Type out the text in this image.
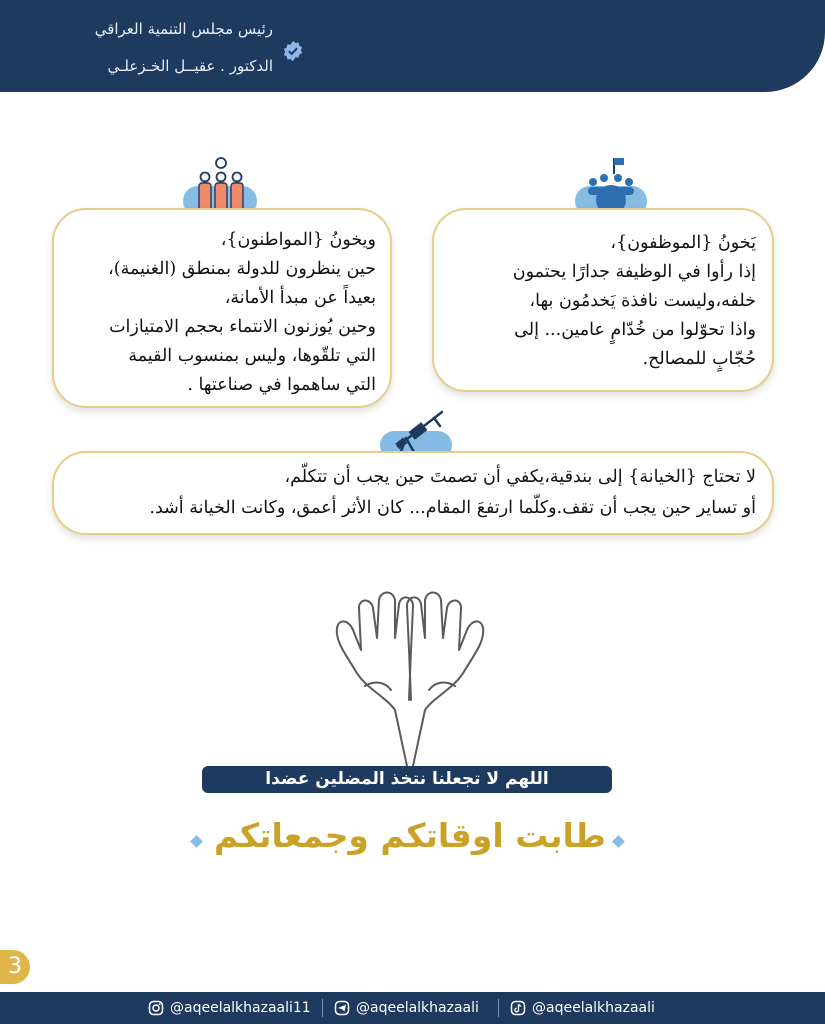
رئيس مجلس التنمية العراقي
الدكتور . عقيــل الخـزعلـي

يَخونُ {الموظفون}،

إذا رأوا في الوظيفة جدارًا يحتمون

خلفه،وليست نافذة يَخدمُون بها،

واذا تحوّلوا من خُدّامٍ عامين... إلى

حُجّابٍ للمصالح.

ويخونُ {المواطنون}،

حين ينظرون للدولة بمنطق (الغنيمة)،

بعيداً عن مبدأ الأمانة،

وحين يُوزنون الانتماء بحجم الامتيازات

التي تلقّوها، وليس بمنسوب القيمة

التي ساهموا في صناعتها .

لا تحتاج {الخيانة} إلى بندقية،يكفي أن تصمتَ حين يجب أن تتكلّم،

أو تساير حين يجب أن تقف.وكلّما ارتفعَ المقام... كان الأثر أعمق، وكانت الخيانة أشد.

اللهم لا تجعلنا نتخذ المضلين عضدا
طابت اوقاتكم وجمعاتكم
3
@aqeelalkhazaali11	@aqeelalkhazaali	@aqeelalkhazaali
